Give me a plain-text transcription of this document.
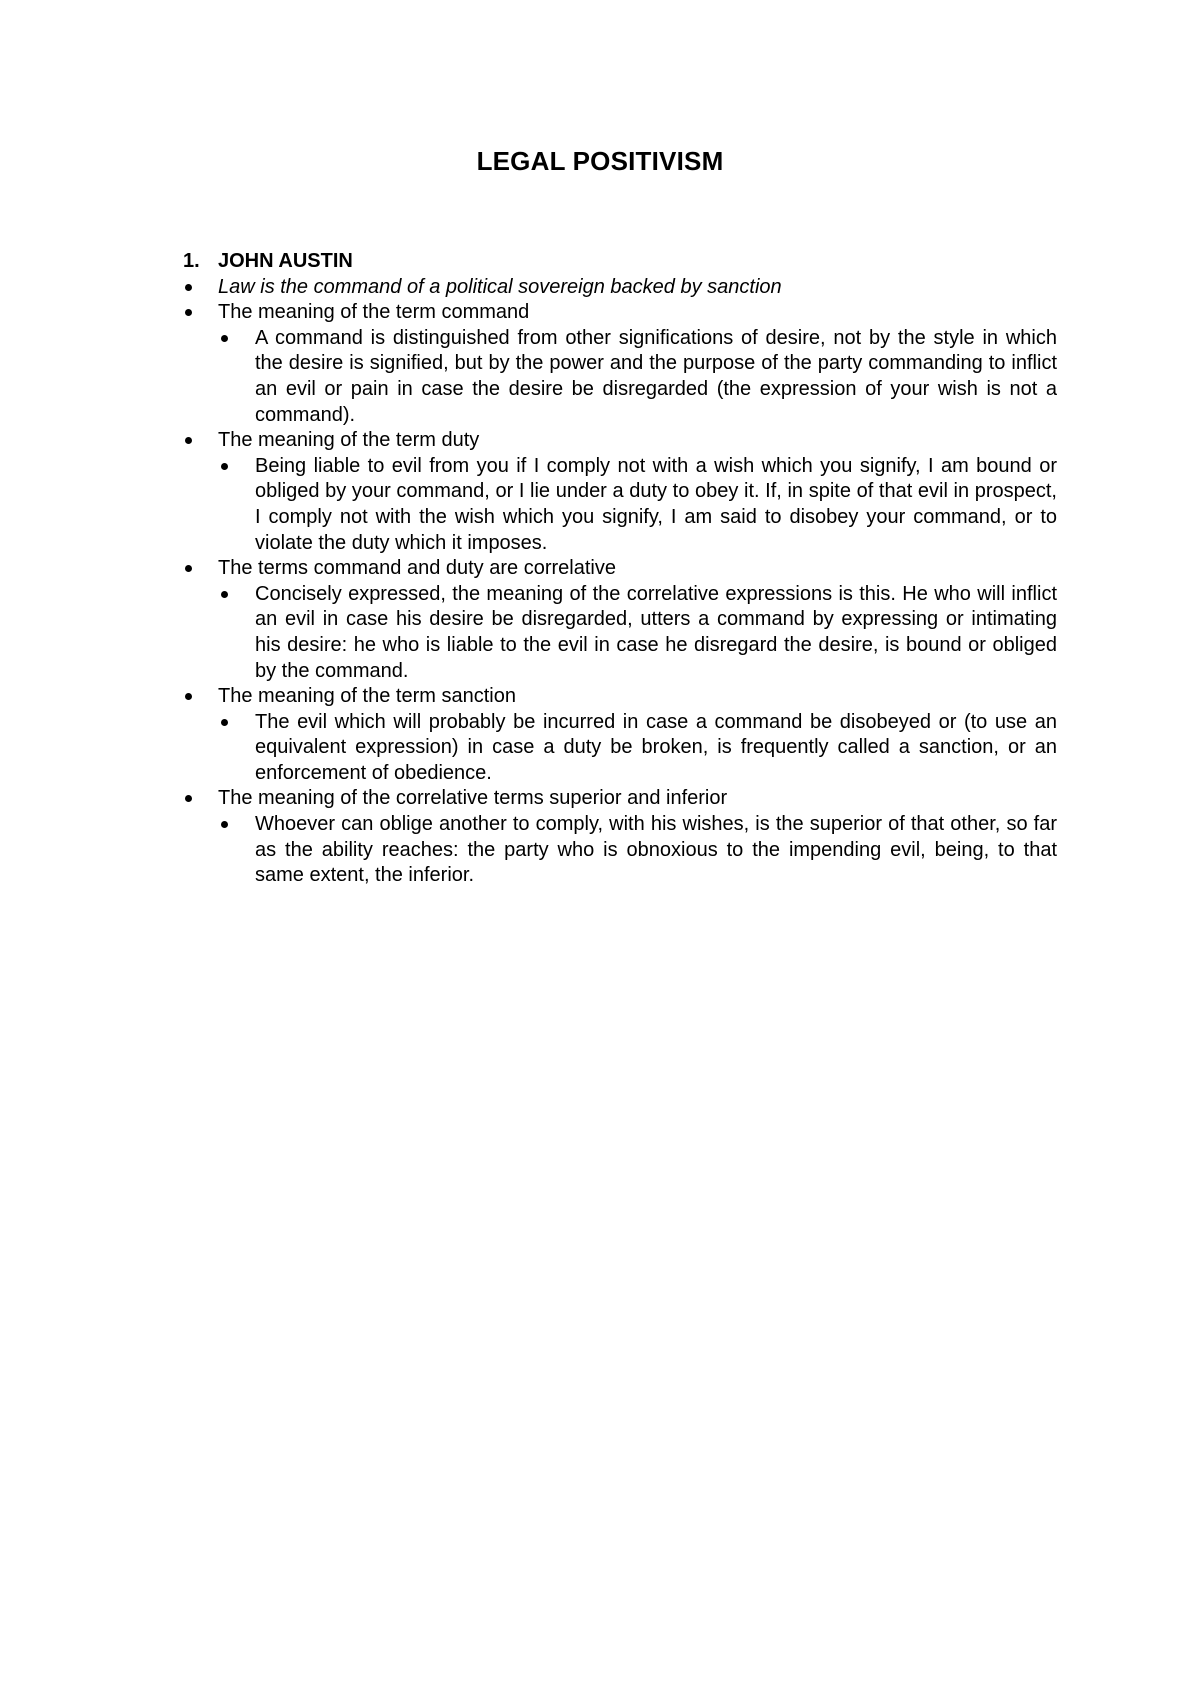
LEGAL POSITIVISM

1. JOHN AUSTIN

Law is the command of a political sovereign backed by sanction
The meaning of the term command
A command is distinguished from other significations of desire, not by the style in which the desire is signified, but by the power and the purpose of the party commanding to inflict an evil or pain in case the desire be disregarded (the expression of your wish is not a command).
The meaning of the term duty
Being liable to evil from you if I comply not with a wish which you signify, I am bound or obliged by your command, or I lie under a duty to obey it. If, in spite of that evil in prospect, I comply not with the wish which you signify, I am said to disobey your command, or to violate the duty which it imposes.
The terms command and duty are correlative
Concisely expressed, the meaning of the correlative expressions is this. He who will inflict an evil in case his desire be disregarded, utters a command by expressing or intimating his desire: he who is liable to the evil in case he disregard the desire, is bound or obliged by the command.
The meaning of the term sanction
The evil which will probably be incurred in case a command be disobeyed or (to use an equivalent expression) in case a duty be broken, is frequently called a sanction, or an enforcement of obedience.
The meaning of the correlative terms superior and inferior
Whoever can oblige another to comply, with his wishes, is the superior of that other, so far as the ability reaches: the party who is obnoxious to the impending evil, being, to that same extent, the inferior.
